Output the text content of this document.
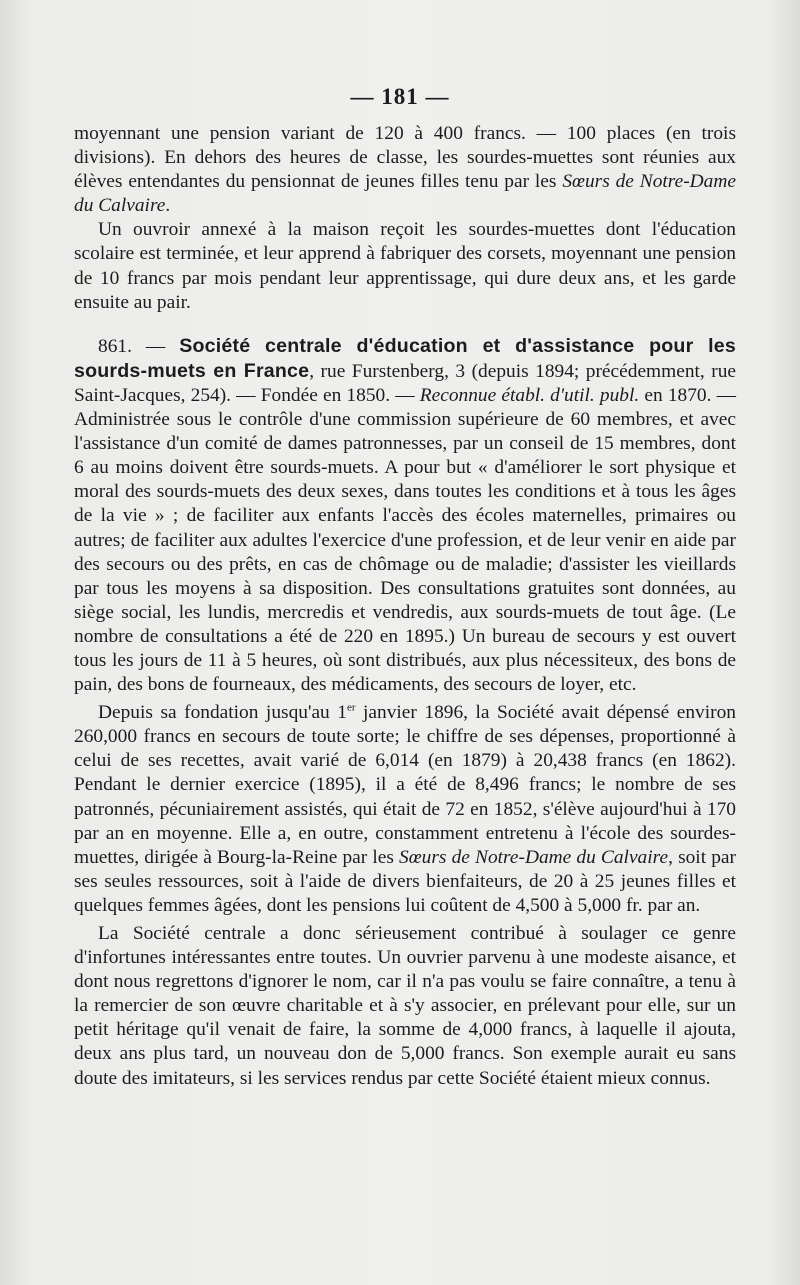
— 181 —

moyennant une pension variant de 120 à 400 francs. — 100 places (en trois divisions). En dehors des heures de classe, les sourdes-muettes sont réunies aux élèves entendantes du pensionnat de jeunes filles tenu par les Sœurs de Notre-Dame du Calvaire.

Un ouvroir annexé à la maison reçoit les sourdes-muettes dont l'éducation scolaire est terminée, et leur apprend à fabriquer des corsets, moyennant une pension de 10 francs par mois pendant leur apprentissage, qui dure deux ans, et les garde ensuite au pair.

861. — Société centrale d'éducation et d'assistance pour les sourds-muets en France, rue Furstenberg, 3 (depuis 1894; précédemment, rue Saint-Jacques, 254). — Fondée en 1850. — Reconnue établ. d'util. publ. en 1870. — Administrée sous le contrôle d'une commission supérieure de 60 membres, et avec l'assistance d'un comité de dames patronnesses, par un conseil de 15 membres, dont 6 au moins doivent être sourds-muets. A pour but « d'améliorer le sort physique et moral des sourds-muets des deux sexes, dans toutes les conditions et à tous les âges de la vie » ; de faciliter aux enfants l'accès des écoles maternelles, primaires ou autres; de faciliter aux adultes l'exercice d'une profession, et de leur venir en aide par des secours ou des prêts, en cas de chômage ou de maladie; d'assister les vieillards par tous les moyens à sa disposition. Des consultations gratuites sont données, au siège social, les lundis, mercredis et vendredis, aux sourds-muets de tout âge. (Le nombre de consultations a été de 220 en 1895.) Un bureau de secours y est ouvert tous les jours de 11 à 5 heures, où sont distribués, aux plus nécessiteux, des bons de pain, des bons de fourneaux, des médicaments, des secours de loyer, etc.

Depuis sa fondation jusqu'au 1er janvier 1896, la Société avait dépensé environ 260,000 francs en secours de toute sorte; le chiffre de ses dépenses, proportionné à celui de ses recettes, avait varié de 6,014 (en 1879) à 20,438 francs (en 1862). Pendant le dernier exercice (1895), il a été de 8,496 francs; le nombre de ses patronnés, pécuniairement assistés, qui était de 72 en 1852, s'élève aujourd'hui à 170 par an en moyenne. Elle a, en outre, constamment entretenu à l'école des sourdes-muettes, dirigée à Bourg-la-Reine par les Sœurs de Notre-Dame du Calvaire, soit par ses seules ressources, soit à l'aide de divers bienfaiteurs, de 20 à 25 jeunes filles et quelques femmes âgées, dont les pensions lui coûtent de 4,500 à 5,000 fr. par an.

La Société centrale a donc sérieusement contribué à soulager ce genre d'infortunes intéressantes entre toutes. Un ouvrier parvenu à une modeste aisance, et dont nous regrettons d'ignorer le nom, car il n'a pas voulu se faire connaître, a tenu à la remercier de son œuvre charitable et à s'y associer, en prélevant pour elle, sur un petit héritage qu'il venait de faire, la somme de 4,000 francs, à laquelle il ajouta, deux ans plus tard, un nouveau don de 5,000 francs. Son exemple aurait eu sans doute des imitateurs, si les services rendus par cette Société étaient mieux connus.
